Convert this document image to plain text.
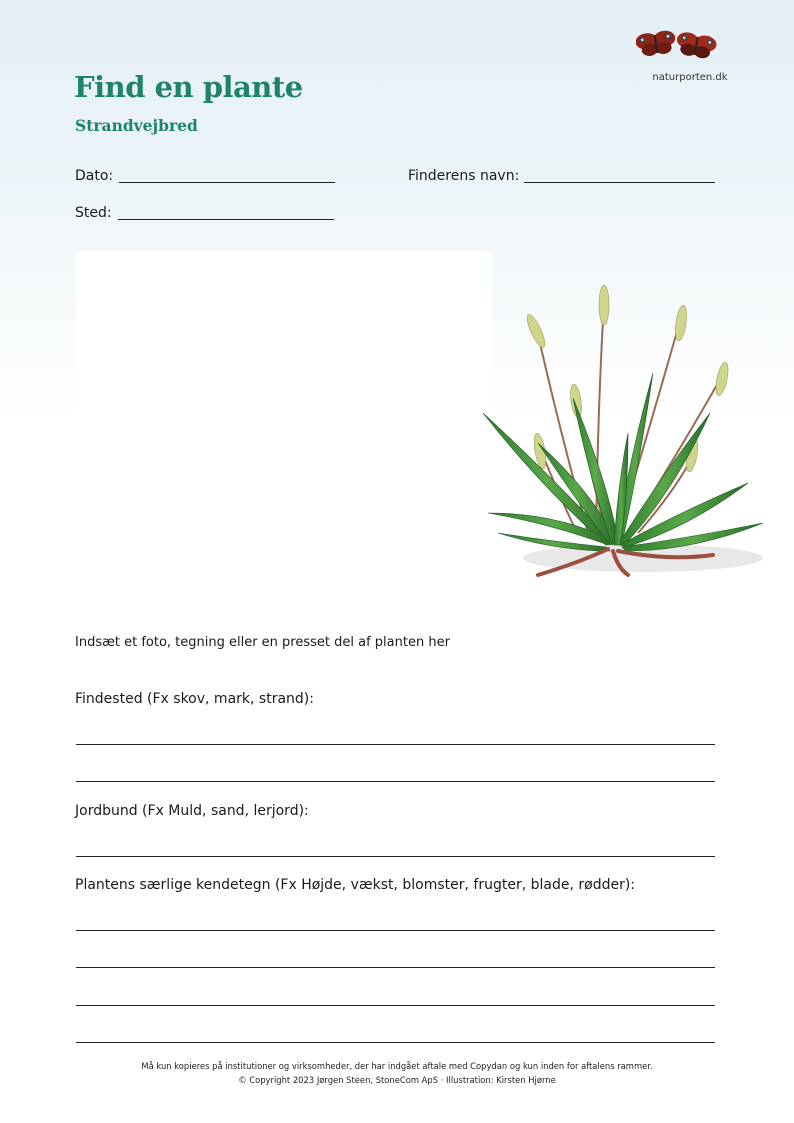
Find en plante
Strandvejbred
naturporten.dk
Dato:	Finderens navn:
Sted:
Indsæt et foto, tegning eller en presset del af planten her
Findested (Fx skov, mark, strand):
Jordbund (Fx Muld, sand, lerjord):
Plantens særlige kendetegn (Fx Højde, vækst, blomster, frugter, blade, rødder):
Må kun kopieres på institutioner og virksomheder, der har indgået aftale med Copydan og kun inden for aftalens rammer.
© Copyright 2023 Jørgen Steen, StoneCom ApS · Illustration: Kirsten Hjørne
